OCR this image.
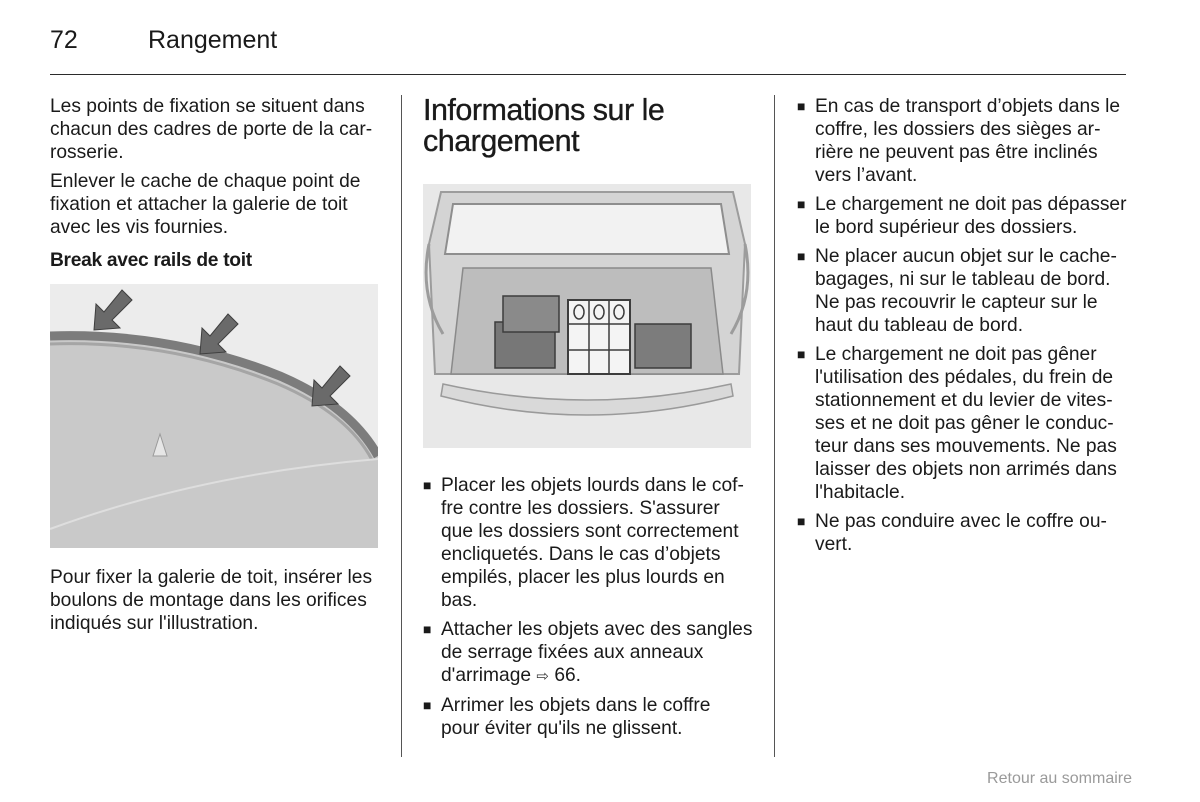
72	Rangement

Les points de fixation se situent dans chacun des cadres de porte de la carrosserie.

Enlever le cache de chaque point de fixation et attacher la galerie de toit avec les vis fournies.

Break avec rails de toit

Pour fixer la galerie de toit, insérer les boulons de montage dans les orifices indiqués sur l'illustration.

Informations sur le chargement
■ Placer les objets lourds dans le coffre contre les dossiers. S'assurer que les dossiers sont correctement encliquetés. Dans le cas d’objets empilés, placer les plus lourds en bas.
■ Attacher les objets avec des sangles de serrage fixées aux anneaux d'arrimage ⇨ 66.
■ Arrimer les objets dans le coffre pour éviter qu'ils ne glissent.
■ En cas de transport d’objets dans le coffre, les dossiers des sièges arrière ne peuvent pas être inclinés vers l’avant.
■ Le chargement ne doit pas dépasser le bord supérieur des dossiers.
■ Ne placer aucun objet sur le cache-bagages, ni sur le tableau de bord. Ne pas recouvrir le capteur sur le haut du tableau de bord.
■ Le chargement ne doit pas gêner l'utilisation des pédales, du frein de stationnement et du levier de vitesses et ne doit pas gêner le conducteur dans ses mouvements. Ne pas laisser des objets non arrimés dans l'habitacle.
■ Ne pas conduire avec le coffre ouvert.
Retour au sommaire
